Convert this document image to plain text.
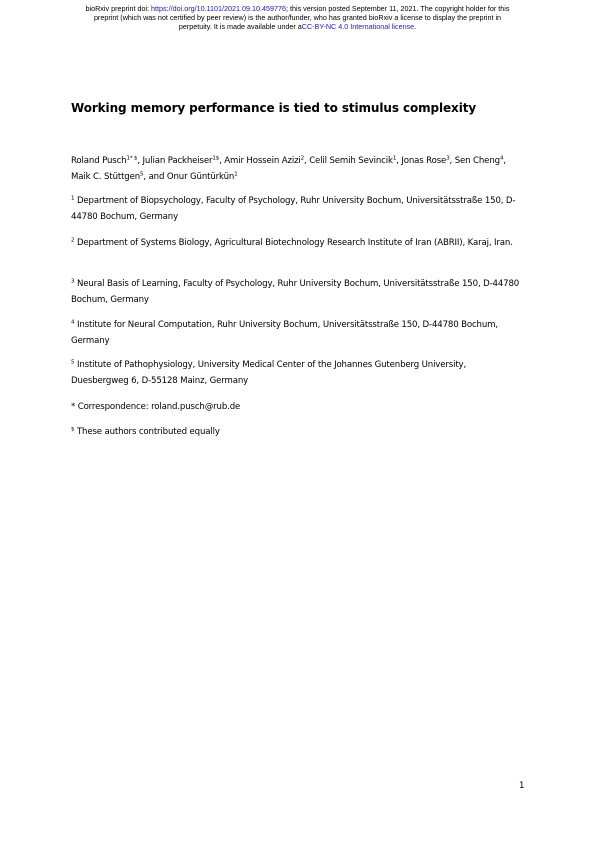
bioRxiv preprint doi: https://doi.org/10.1101/2021.09.10.459776; this version posted September 11, 2021. The copyright holder for this
preprint (which was not certified by peer review) is the author/funder, who has granted bioRxiv a license to display the preprint in
perpetuity. It is made available under aCC-BY-NC 4.0 International license.
Working memory performance is tied to stimulus complexity
Roland Pusch$^{1* \$}$, Julian Packheiser$^{1\$}$, Amir Hossein Azizi$^2$, Celil Semih Sevincik$^1$, Jonas Rose$^3$, Sen Cheng$^4$, Maik C. Stüttgen$^5$, and Onur Güntürkün$^1$
$^1$ Department of Biopsychology, Faculty of Psychology, Ruhr University Bochum, Universitätsstraße 150, D-44780 Bochum, Germany
$^2$ Department of Systems Biology, Agricultural Biotechnology Research Institute of Iran (ABRII), Karaj, Iran.
$^3$ Neural Basis of Learning, Faculty of Psychology, Ruhr University Bochum, Universitätsstraße 150, D-44780 Bochum, Germany
$^4$ Institute for Neural Computation, Ruhr University Bochum, Universitätsstraße 150, D-44780 Bochum, Germany
$^5$ Institute of Pathophysiology, University Medical Center of the Johannes Gutenberg University, Duesbergweg 6, D-55128 Mainz, Germany
* Correspondence: roland.pusch@rub.de
$ These authors contributed equally
1
